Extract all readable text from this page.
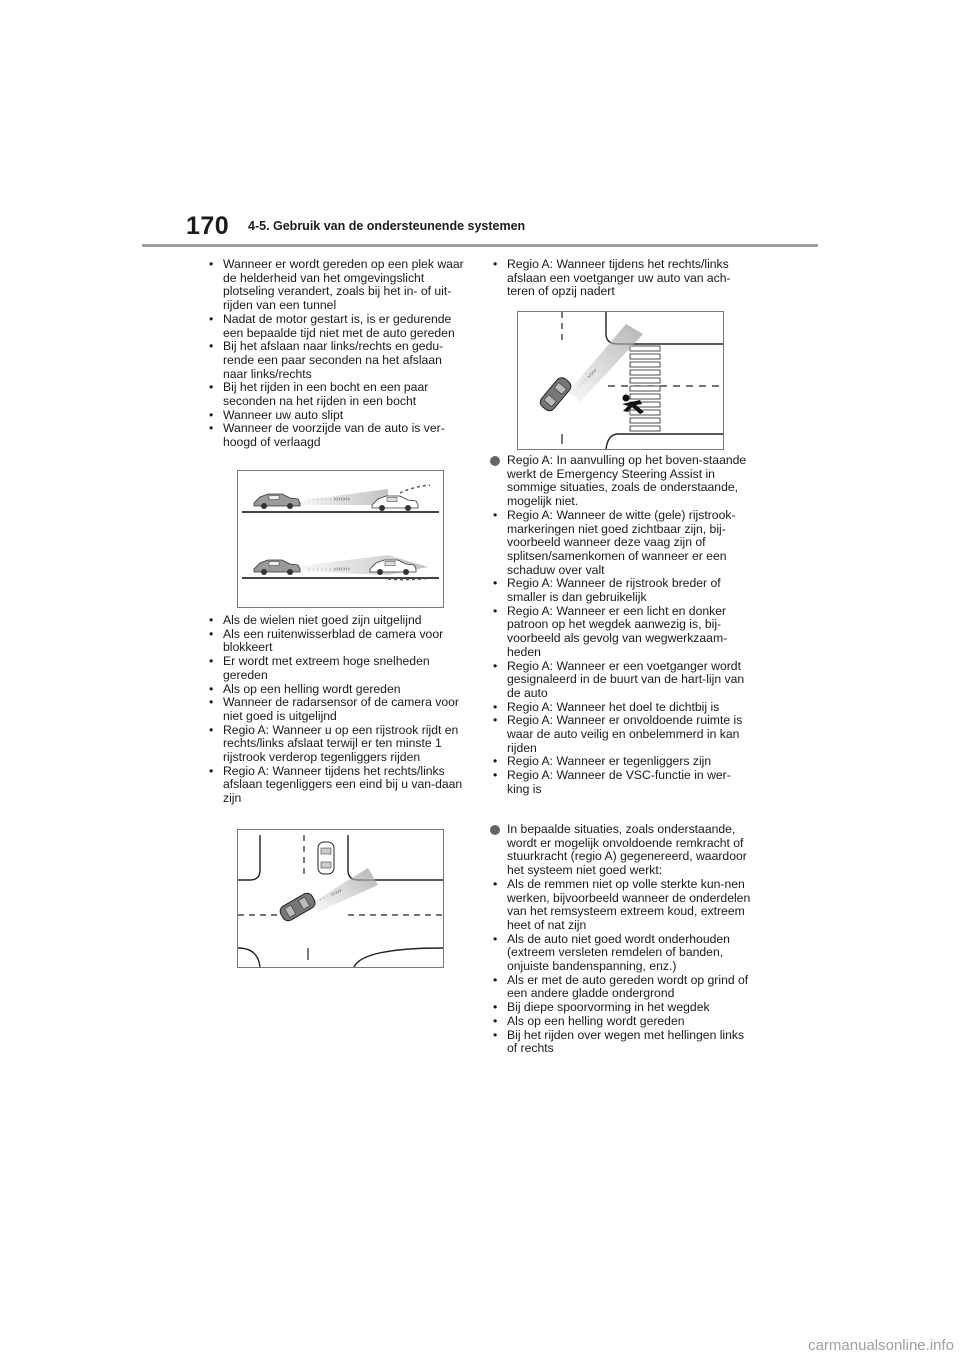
170 4-5. Gebruik van de ondersteunende systemen
• Wanneer er wordt gereden op een plek waar de helderheid van het omgevingslicht plotseling verandert, zoals bij het in- of uit-rijden van een tunnel
• Nadat de motor gestart is, is er gedurende een bepaalde tijd niet met de auto gereden
• Bij het afslaan naar links/rechts en gedu-rende een paar seconden na het afslaan naar links/rechts
• Bij het rijden in een bocht en een paar seconden na het rijden in een bocht
• Wanneer uw auto slipt
• Wanneer de voorzijde van de auto is ver-hoogd of verlaagd
· · · · · · ›››››››
· · · · · · ›››››››
• Als de wielen niet goed zijn uitgelijnd
• Als een ruitenwisserblad de camera voor blokkeert
• Er wordt met extreem hoge snelheden gereden
• Als op een helling wordt gereden
• Wanneer de radarsensor of de camera voor niet goed is uitgelijnd
• Regio A: Wanneer u op een rijstrook rijdt en rechts/links afslaat terwijl er ten minste 1 rijstrook verderop tegenliggers rijden
• Regio A: Wanneer tijdens het rechts/links afslaan tegenliggers een eind bij u van-daan zijn
· · · ›››››
• Regio A: Wanneer tijdens het rechts/links afslaan een voetganger uw auto van ach-teren of opzij nadert
· · · ›››››
Regio A: In aanvulling op het boven-staande werkt de Emergency Steering Assist in sommige situaties, zoals de onderstaande, mogelijk niet.
• Regio A: Wanneer de witte (gele) rijstrook-markeringen niet goed zichtbaar zijn, bij-voorbeeld wanneer deze vaag zijn of splitsen/samenkomen of wanneer er een schaduw over valt
• Regio A: Wanneer de rijstrook breder of smaller is dan gebruikelijk
• Regio A: Wanneer er een licht en donker patroon op het wegdek aanwezig is, bij-voorbeeld als gevolg van wegwerkzaam-heden
• Regio A: Wanneer er een voetganger wordt gesignaleerd in de buurt van de hart-lijn van de auto
• Regio A: Wanneer het doel te dichtbij is
• Regio A: Wanneer er onvoldoende ruimte is waar de auto veilig en onbelemmerd in kan rijden
• Regio A: Wanneer er tegenliggers zijn
• Regio A: Wanneer de VSC-functie in wer-king is
In bepaalde situaties, zoals onderstaande, wordt er mogelijk onvoldoende remkracht of stuurkracht (regio A) gegenereerd, waardoor het systeem niet goed werkt:
• Als de remmen niet op volle sterkte kun-nen werken, bijvoorbeeld wanneer de onderdelen van het remsysteem extreem koud, extreem heet of nat zijn
• Als de auto niet goed wordt onderhouden (extreem versleten remdelen of banden, onjuiste bandenspanning, enz.)
• Als er met de auto gereden wordt op grind of een andere gladde ondergrond
• Bij diepe spoorvorming in het wegdek
• Als op een helling wordt gereden
• Bij het rijden over wegen met hellingen links of rechts
carmanualsonline.info
